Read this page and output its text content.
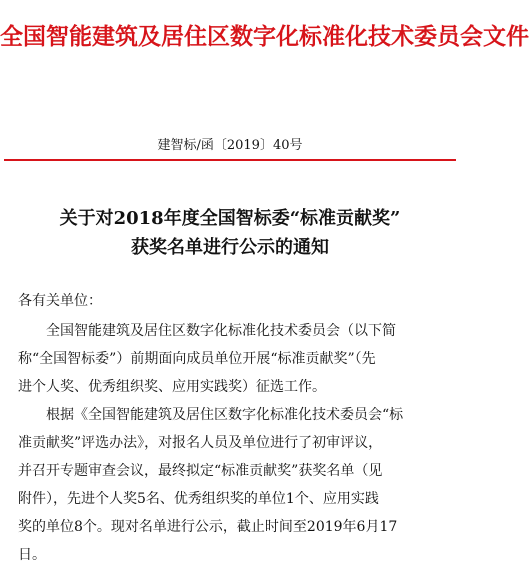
全国智能建筑及居住区数字化标准化技术委员会文件
建智标/函〔2019〕40号
关于对2018年度全国智标委“标准贡献奖”
获奖名单进行公示的通知
各有关单位：
全国智能建筑及居住区数字化标准化技术委员会（以下简
称“全国智标委”）前期面向成员单位开展“标准贡献奖”（先
进个人奖、优秀组织奖、应用实践奖）征选工作。
根据《全国智能建筑及居住区数字化标准化技术委员会“标
准贡献奖”评选办法》，对报名人员及单位进行了初审评议，
并召开专题审查会议，最终拟定“标准贡献奖”获奖名单（见
附件），先进个人奖5名、优秀组织奖的单位1个、应用实践
奖的单位8个。现对名单进行公示，截止时间至2019年6月17
日。
